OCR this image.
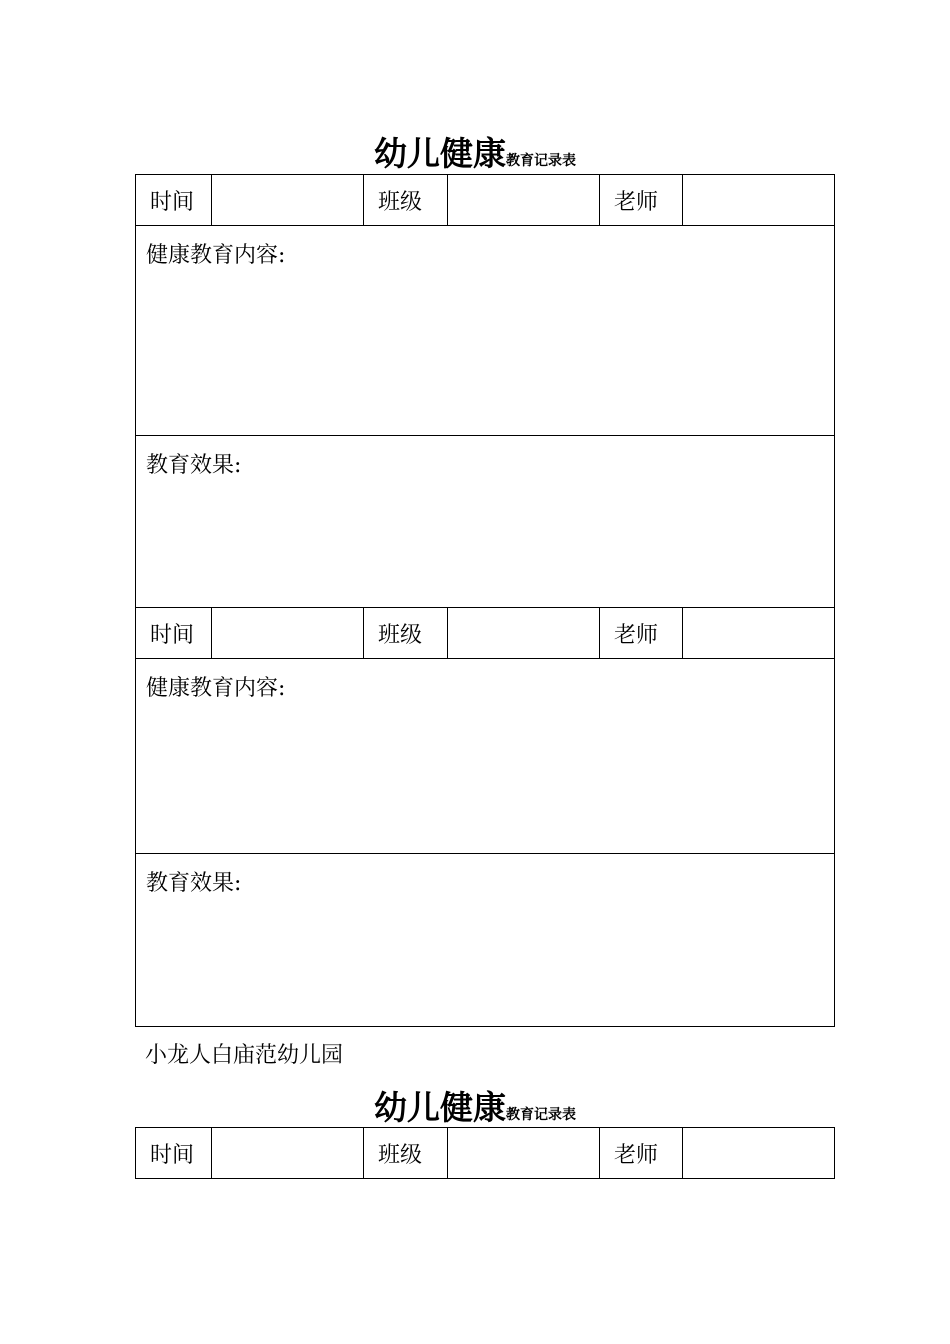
幼儿健康教育记录表
时间		班级		老师	
健康教育内容:					
教育效果:					
时间		班级		老师	
健康教育内容:					
教育效果:					
小龙人白庙范幼儿园
幼儿健康教育记录表
时间		班级		老师	
